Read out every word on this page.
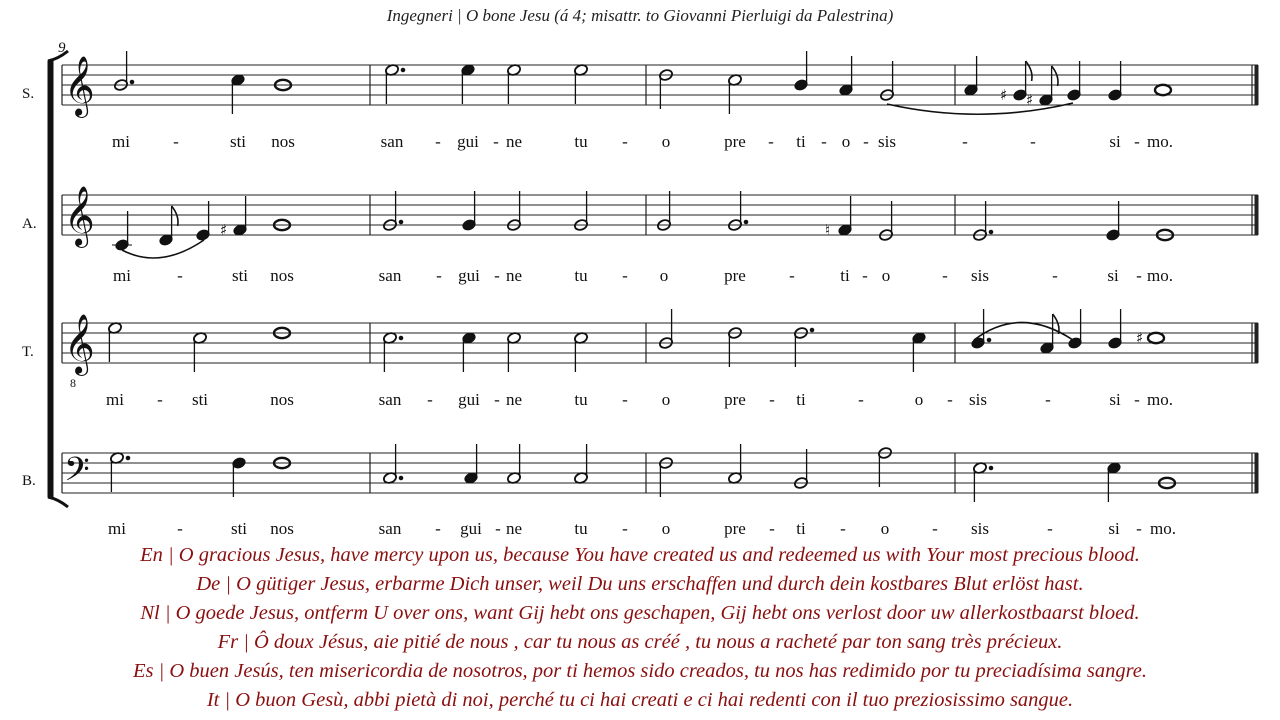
Ingegneri | O bone Jesu (á 4; misattr. to Giovanni Pierluigi da Palestrina)
9
S.
A.
T.
B.
𝄞
𝄞
𝄞
8
𝄢
♯ ♯
♯	♮
♯
mi	-	sti nos	san - gui - ne	tu - o	pre - ti - o - sis	-	-	si - mo.
mi	-	sti nos	san - gui - ne	tu - o	pre	-	ti - o	- sis	-	si - mo.
mi - sti	nos	san - gui - ne	tu - o	pre - ti	-	o - sis	-	si - mo.
mi	-	sti nos	san - gui - ne	tu - o	pre - ti - o	- sis	-	si - mo.
En | O gracious Jesus, have mercy upon us, because You have created us and redeemed us with Your most precious blood.
De | O gütiger Jesus, erbarme Dich unser, weil Du uns erschaffen und durch dein kostbares Blut erlöst hast.
Nl | O goede Jesus, ontferm U over ons, want Gij hebt ons geschapen, Gij hebt ons verlost door uw allerkostbaarst bloed.
Fr | Ô doux Jésus, aie pitié de nous , car tu nous as créé , tu nous a racheté par ton sang très précieux.
Es | O buen Jesús, ten misericordia de nosotros, por ti hemos sido creados, tu nos has redimido por tu preciadísima sangre.
It | O buon Gesù, abbi pietà di noi, perché tu ci hai creati e ci hai redenti con il tuo preziosissimo sangue.
